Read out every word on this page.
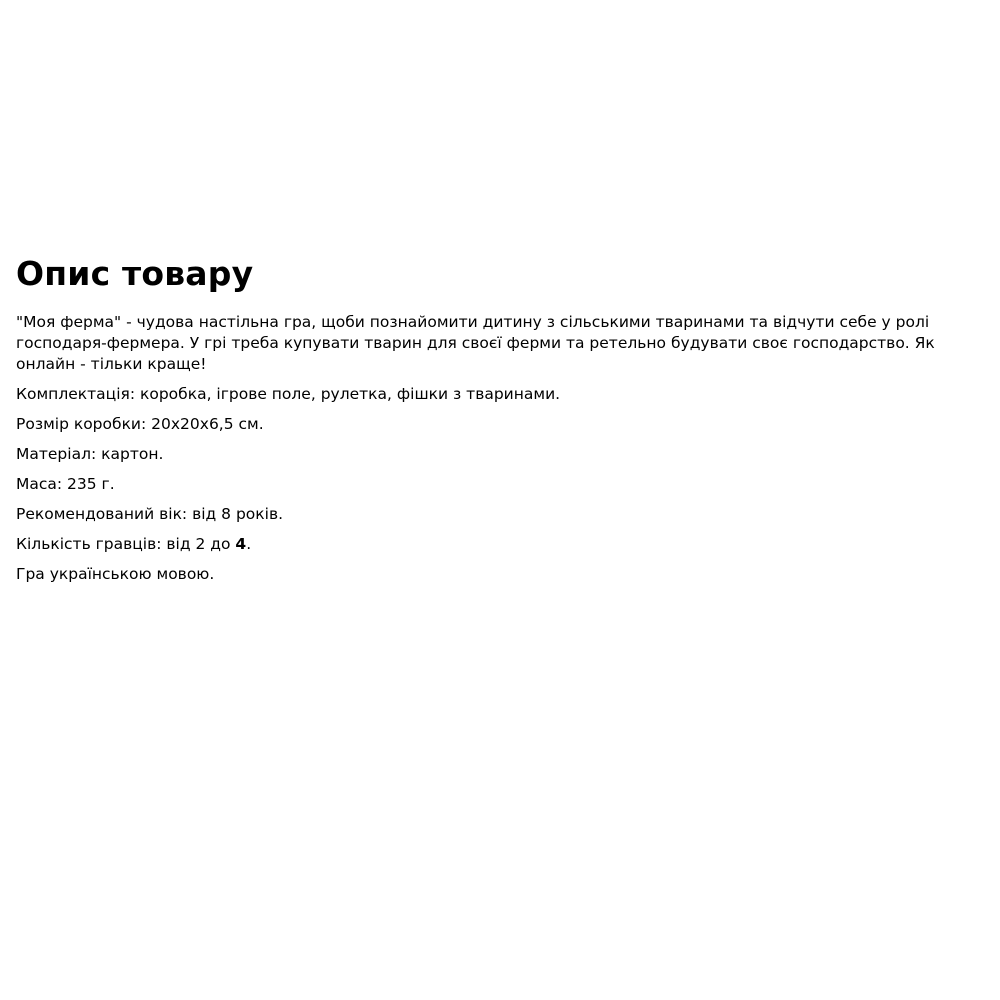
Опис товару

"Моя ферма" - чудова настільна гра, щоби познайомити дитину з сільськими тваринами та відчути себе у ролі господаря-фермера. У грі треба купувати тварин для своєї ферми та ретельно будувати своє господарство. Як онлайн - тільки краще!

Комплектація: коробка, ігрове поле, рулетка, фішки з тваринами.

Розмір коробки: 20x20x6,5 см.

Матеріал: картон.

Маса: 235 г.

Рекомендований вік: від 8 років.

Кількість гравців: від 2 до 4.

Гра українською мовою.
